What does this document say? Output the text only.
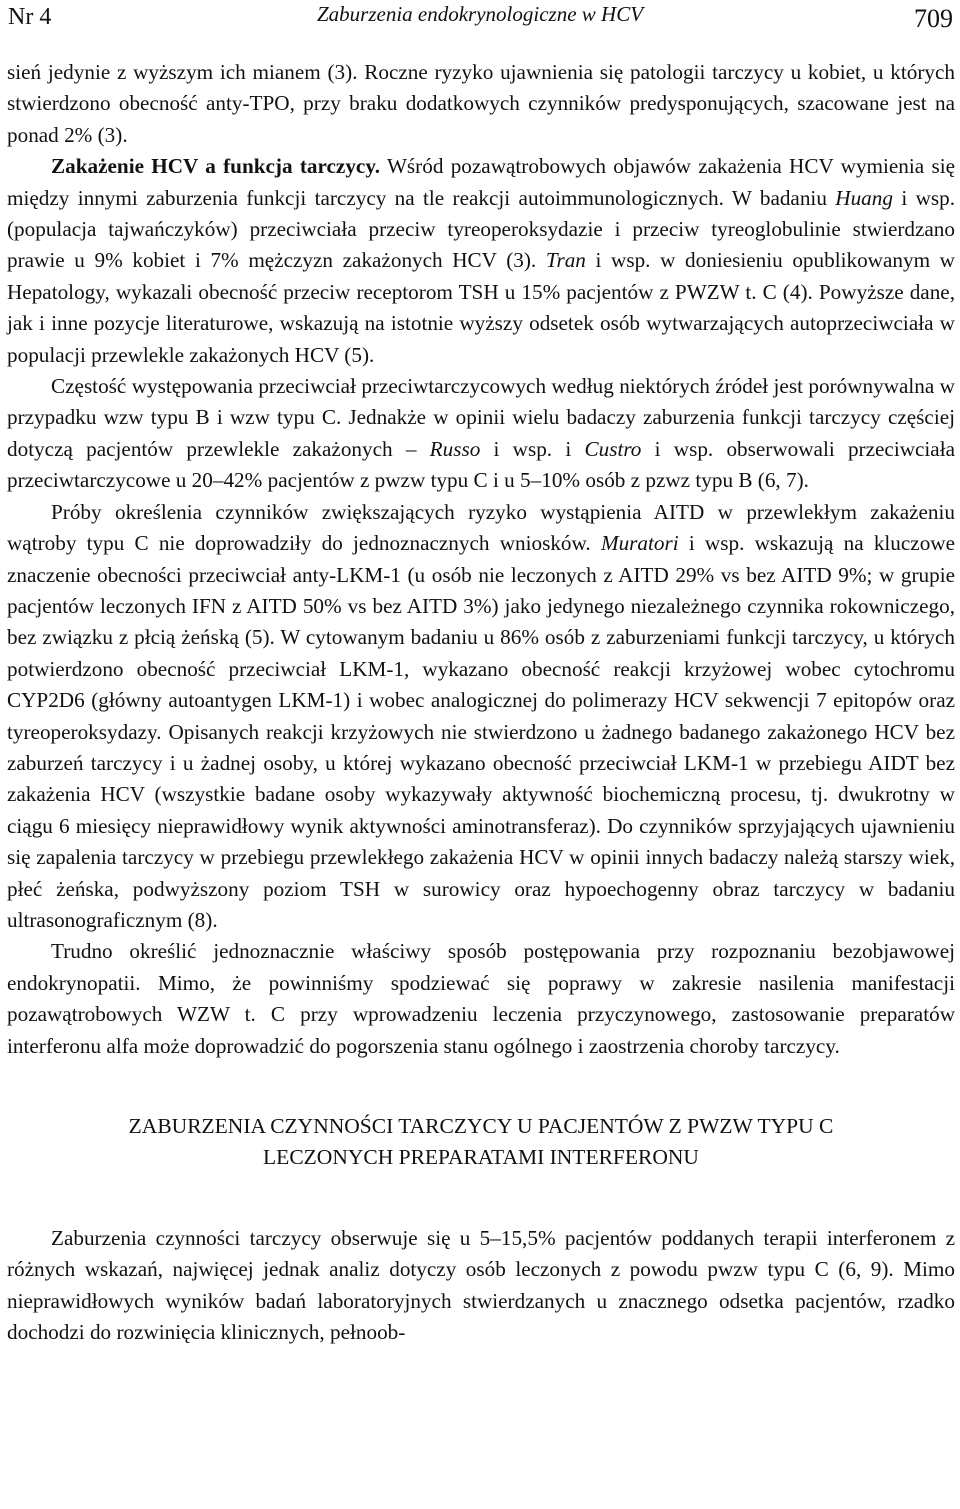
Nr 4	Zaburzenia endokrynologiczne w HCV	709

sień jedynie z wyższym ich mianem (3). Roczne ryzyko ujawnienia się patologii tarczycy u kobiet, u których stwierdzono obecność anty-TPO, przy braku dodatkowych czynników predysponujących, szacowane jest na ponad 2% (3).

Zakażenie HCV a funkcja tarczycy. Wśród pozawątrobowych objawów zakażenia HCV wymienia się między innymi zaburzenia funkcji tarczycy na tle reakcji autoimmunologicznych. W badaniu Huang i wsp. (populacja tajwańczyków) przeciwciała przeciw tyreoperoksydazie i przeciw tyreoglobulinie stwierdzano prawie u 9% kobiet i 7% mężczyzn zakażonych HCV (3). Tran i wsp. w doniesieniu opublikowanym w Hepatology, wykazali obecność przeciw receptorom TSH u 15% pacjentów z PWZW t. C (4). Powyższe dane, jak i inne pozycje literaturowe, wskazują na istotnie wyższy odsetek osób wytwarzających autoprzeciwciała w populacji przewlekle zakażonych HCV (5).

Częstość występowania przeciwciał przeciwtarczycowych według niektórych źródeł jest porównywalna w przypadku wzw typu B i wzw typu C. Jednakże w opinii wielu badaczy zaburzenia funkcji tarczycy częściej dotyczą pacjentów przewlekle zakażonych – Russo i wsp. i Custro i wsp. obserwowali przeciwciała przeciwtarczycowe u 20–42% pacjentów z pwzw typu C i u 5–10% osób z pzwz typu B (6, 7).

Próby określenia czynników zwiększających ryzyko wystąpienia AITD w przewlekłym zakażeniu wątroby typu C nie doprowadziły do jednoznacznych wniosków. Muratori i wsp. wskazują na kluczowe znaczenie obecności przeciwciał anty-LKM-1 (u osób nie leczonych z AITD 29% vs bez AITD 9%; w grupie pacjentów leczonych IFN z AITD 50% vs bez AITD 3%) jako jedynego niezależnego czynnika rokowniczego, bez związku z płcią żeńską (5). W cytowanym badaniu u 86% osób z zaburzeniami funkcji tarczycy, u których potwierdzono obecność przeciwciał LKM-1, wykazano obecność reakcji krzyżowej wobec cytochromu CYP2D6 (główny autoantygen LKM-1) i wobec analogicznej do polimerazy HCV sekwencji 7 epitopów oraz tyreoperoksydazy. Opisanych reakcji krzyżowych nie stwierdzono u żadnego badanego zakażonego HCV bez zaburzeń tarczycy i u żadnej osoby, u której wykazano obecność przeciwciał LKM-1 w przebiegu AIDT bez zakażenia HCV (wszystkie badane osoby wykazywały aktywność biochemiczną procesu, tj. dwukrotny w ciągu 6 miesięcy nieprawidłowy wynik aktywności aminotransferaz). Do czynników sprzyjających ujawnieniu się zapalenia tarczycy w przebiegu przewlekłego zakażenia HCV w opinii innych badaczy należą starszy wiek, płeć żeńska, podwyższony poziom TSH w surowicy oraz hypoechogenny obraz tarczycy w badaniu ultrasonograficznym (8).

Trudno określić jednoznacznie właściwy sposób postępowania przy rozpoznaniu bezobjawowej endokrynopatii. Mimo, że powinniśmy spodziewać się poprawy w zakresie nasilenia manifestacji pozawątrobowych WZW t. C przy wprowadzeniu leczenia przyczynowego, zastosowanie preparatów interferonu alfa może doprowadzić do pogorszenia stanu ogólnego i zaostrzenia choroby tarczycy.

ZABURZENIA CZYNNOŚCI TARCZYCY U PACJENTÓW Z PWZW TYPU C
LECZONYCH PREPARATAMI INTERFERONU

Zaburzenia czynności tarczycy obserwuje się u 5–15,5% pacjentów poddanych terapii interferonem z różnych wskazań, najwięcej jednak analiz dotyczy osób leczonych z powodu pwzw typu C (6, 9). Mimo nieprawidłowych wyników badań laboratoryjnych stwierdzanych u znacznego odsetka pacjentów, rzadko dochodzi do rozwinięcia klinicznych, pełnoob-
